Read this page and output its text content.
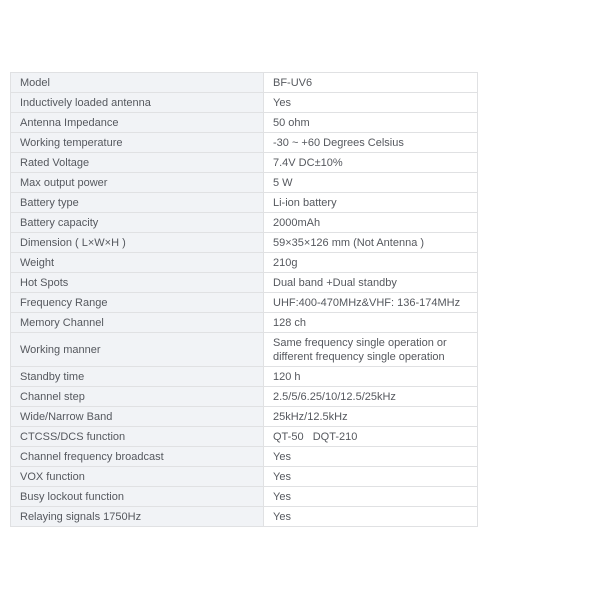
Model	BF-UV6
Inductively loaded antenna	Yes
Antenna Impedance	50 ohm
Working temperature	-30 ~ +60 Degrees Celsius
Rated Voltage	7.4V DC±10%
Max output power	5 W
Battery type	Li-ion battery
Battery capacity	2000mAh
Dimension ( L×W×H )	59×35×126 mm (Not Antenna )
Weight	210g
Hot Spots	Dual band +Dual standby
Frequency Range	UHF:400-470MHz&VHF: 136-174MHz
Memory Channel	128 ch
Working manner	Same frequency single operation or different frequency single operation
Standby time	120 h
Channel step	2.5/5/6.25/10/12.5/25kHz
Wide/Narrow Band	25kHz/12.5kHz
CTCSS/DCS function	QT-50   DQT-210
Channel frequency broadcast	Yes
VOX function	Yes
Busy lockout function	Yes
Relaying signals 1750Hz	Yes
